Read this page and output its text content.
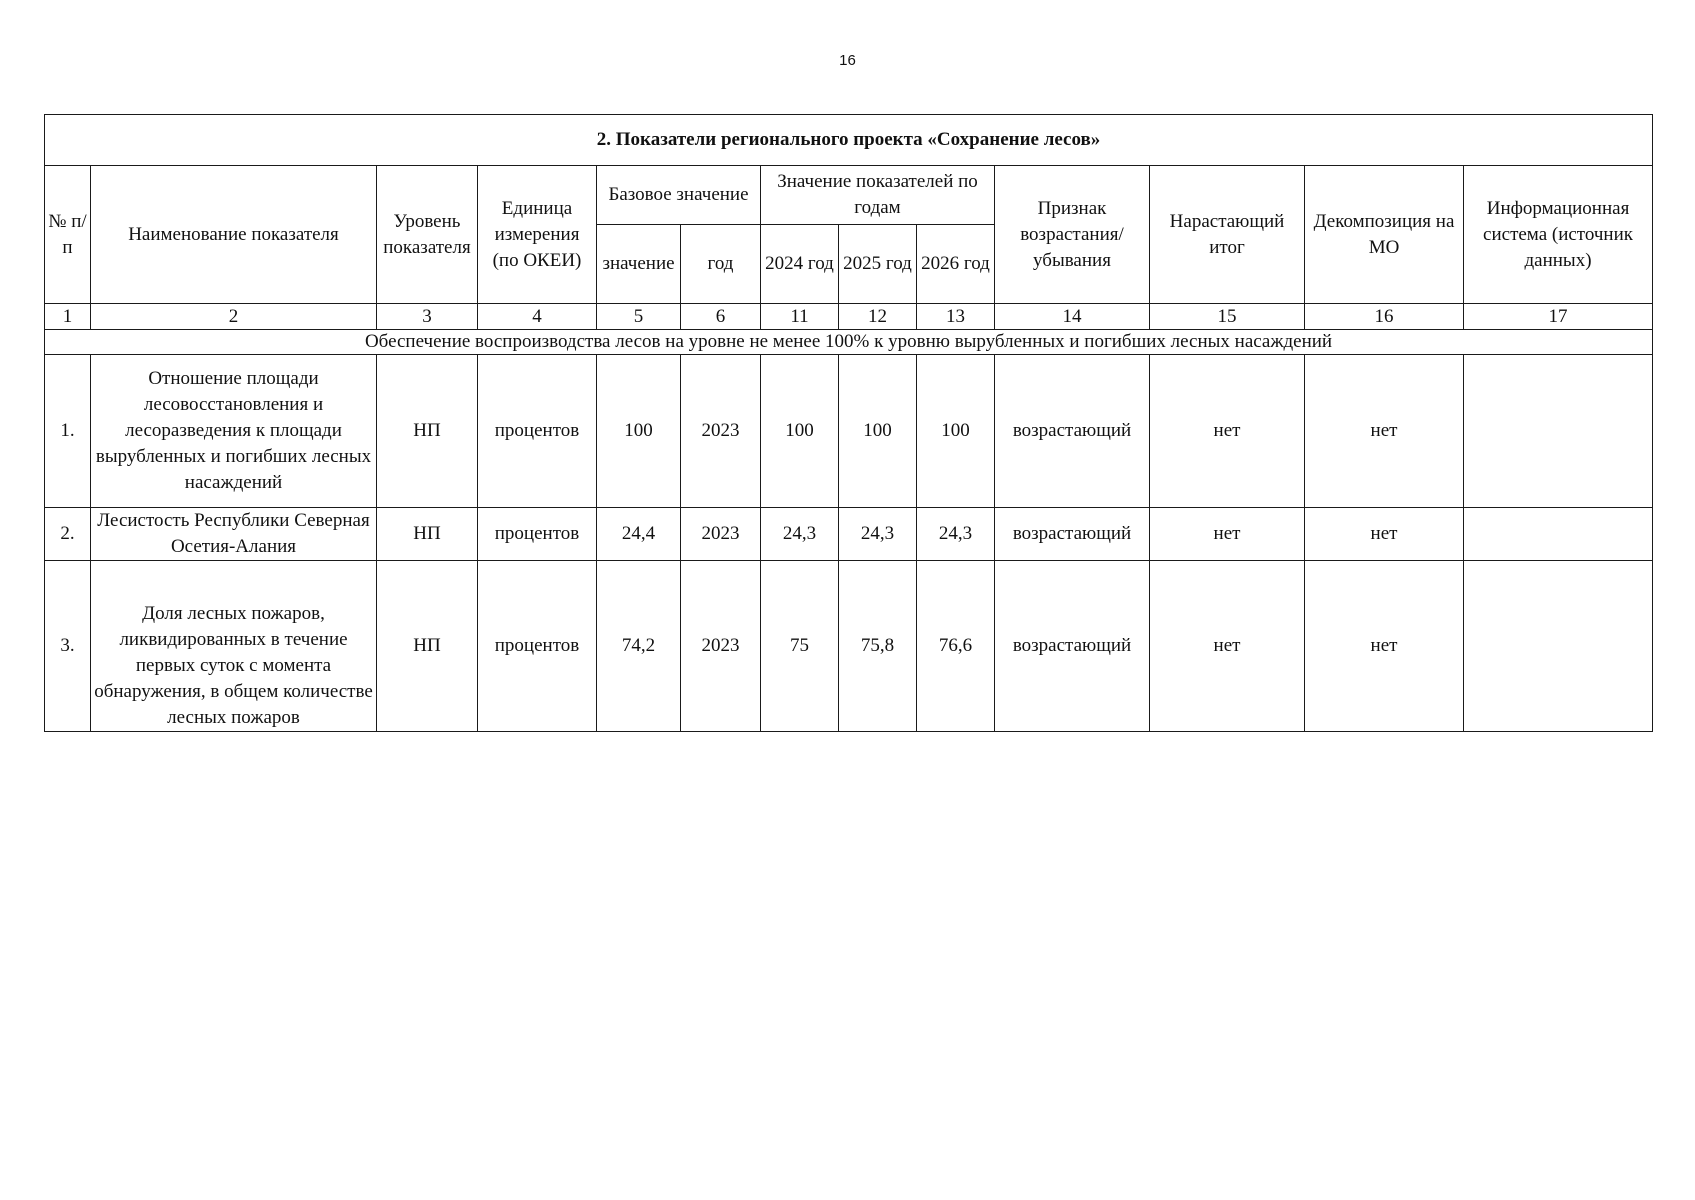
16
2. Показатели регионального проекта «Сохранение лесов»												
№ п/п	Наименование показателя	Уровень показателя	Единица измерения (по ОКЕИ)	Базовое значение		Значение показателей по годам			Признак возрастания/ убывания	Нарастающий итог	Декомпозиция на МО	Информационная система (источник данных)
				значение	год	2024 год	2025 год	2026 год				
1	2	3	4	5	6	11	12	13	14	15	16	17
Обеспечение воспроизводства лесов на уровне не менее 100% к уровню вырубленных и погибших лесных насаждений												
1.	Отношение площади лесовосстановления и лесоразведения к площади вырубленных и погибших лесных насаждений	НП	процентов	100	2023	100	100	100	возрастающий	нет	нет	
2.	Лесистость Республики Северная Осетия-Алания	НП	процентов	24,4	2023	24,3	24,3	24,3	возрастающий	нет	нет	
3.	Доля лесных пожаров, ликвидированных в течение первых суток с момента обнаружения, в общем количестве лесных пожаров	НП	процентов	74,2	2023	75	75,8	76,6	возрастающий	нет	нет	
